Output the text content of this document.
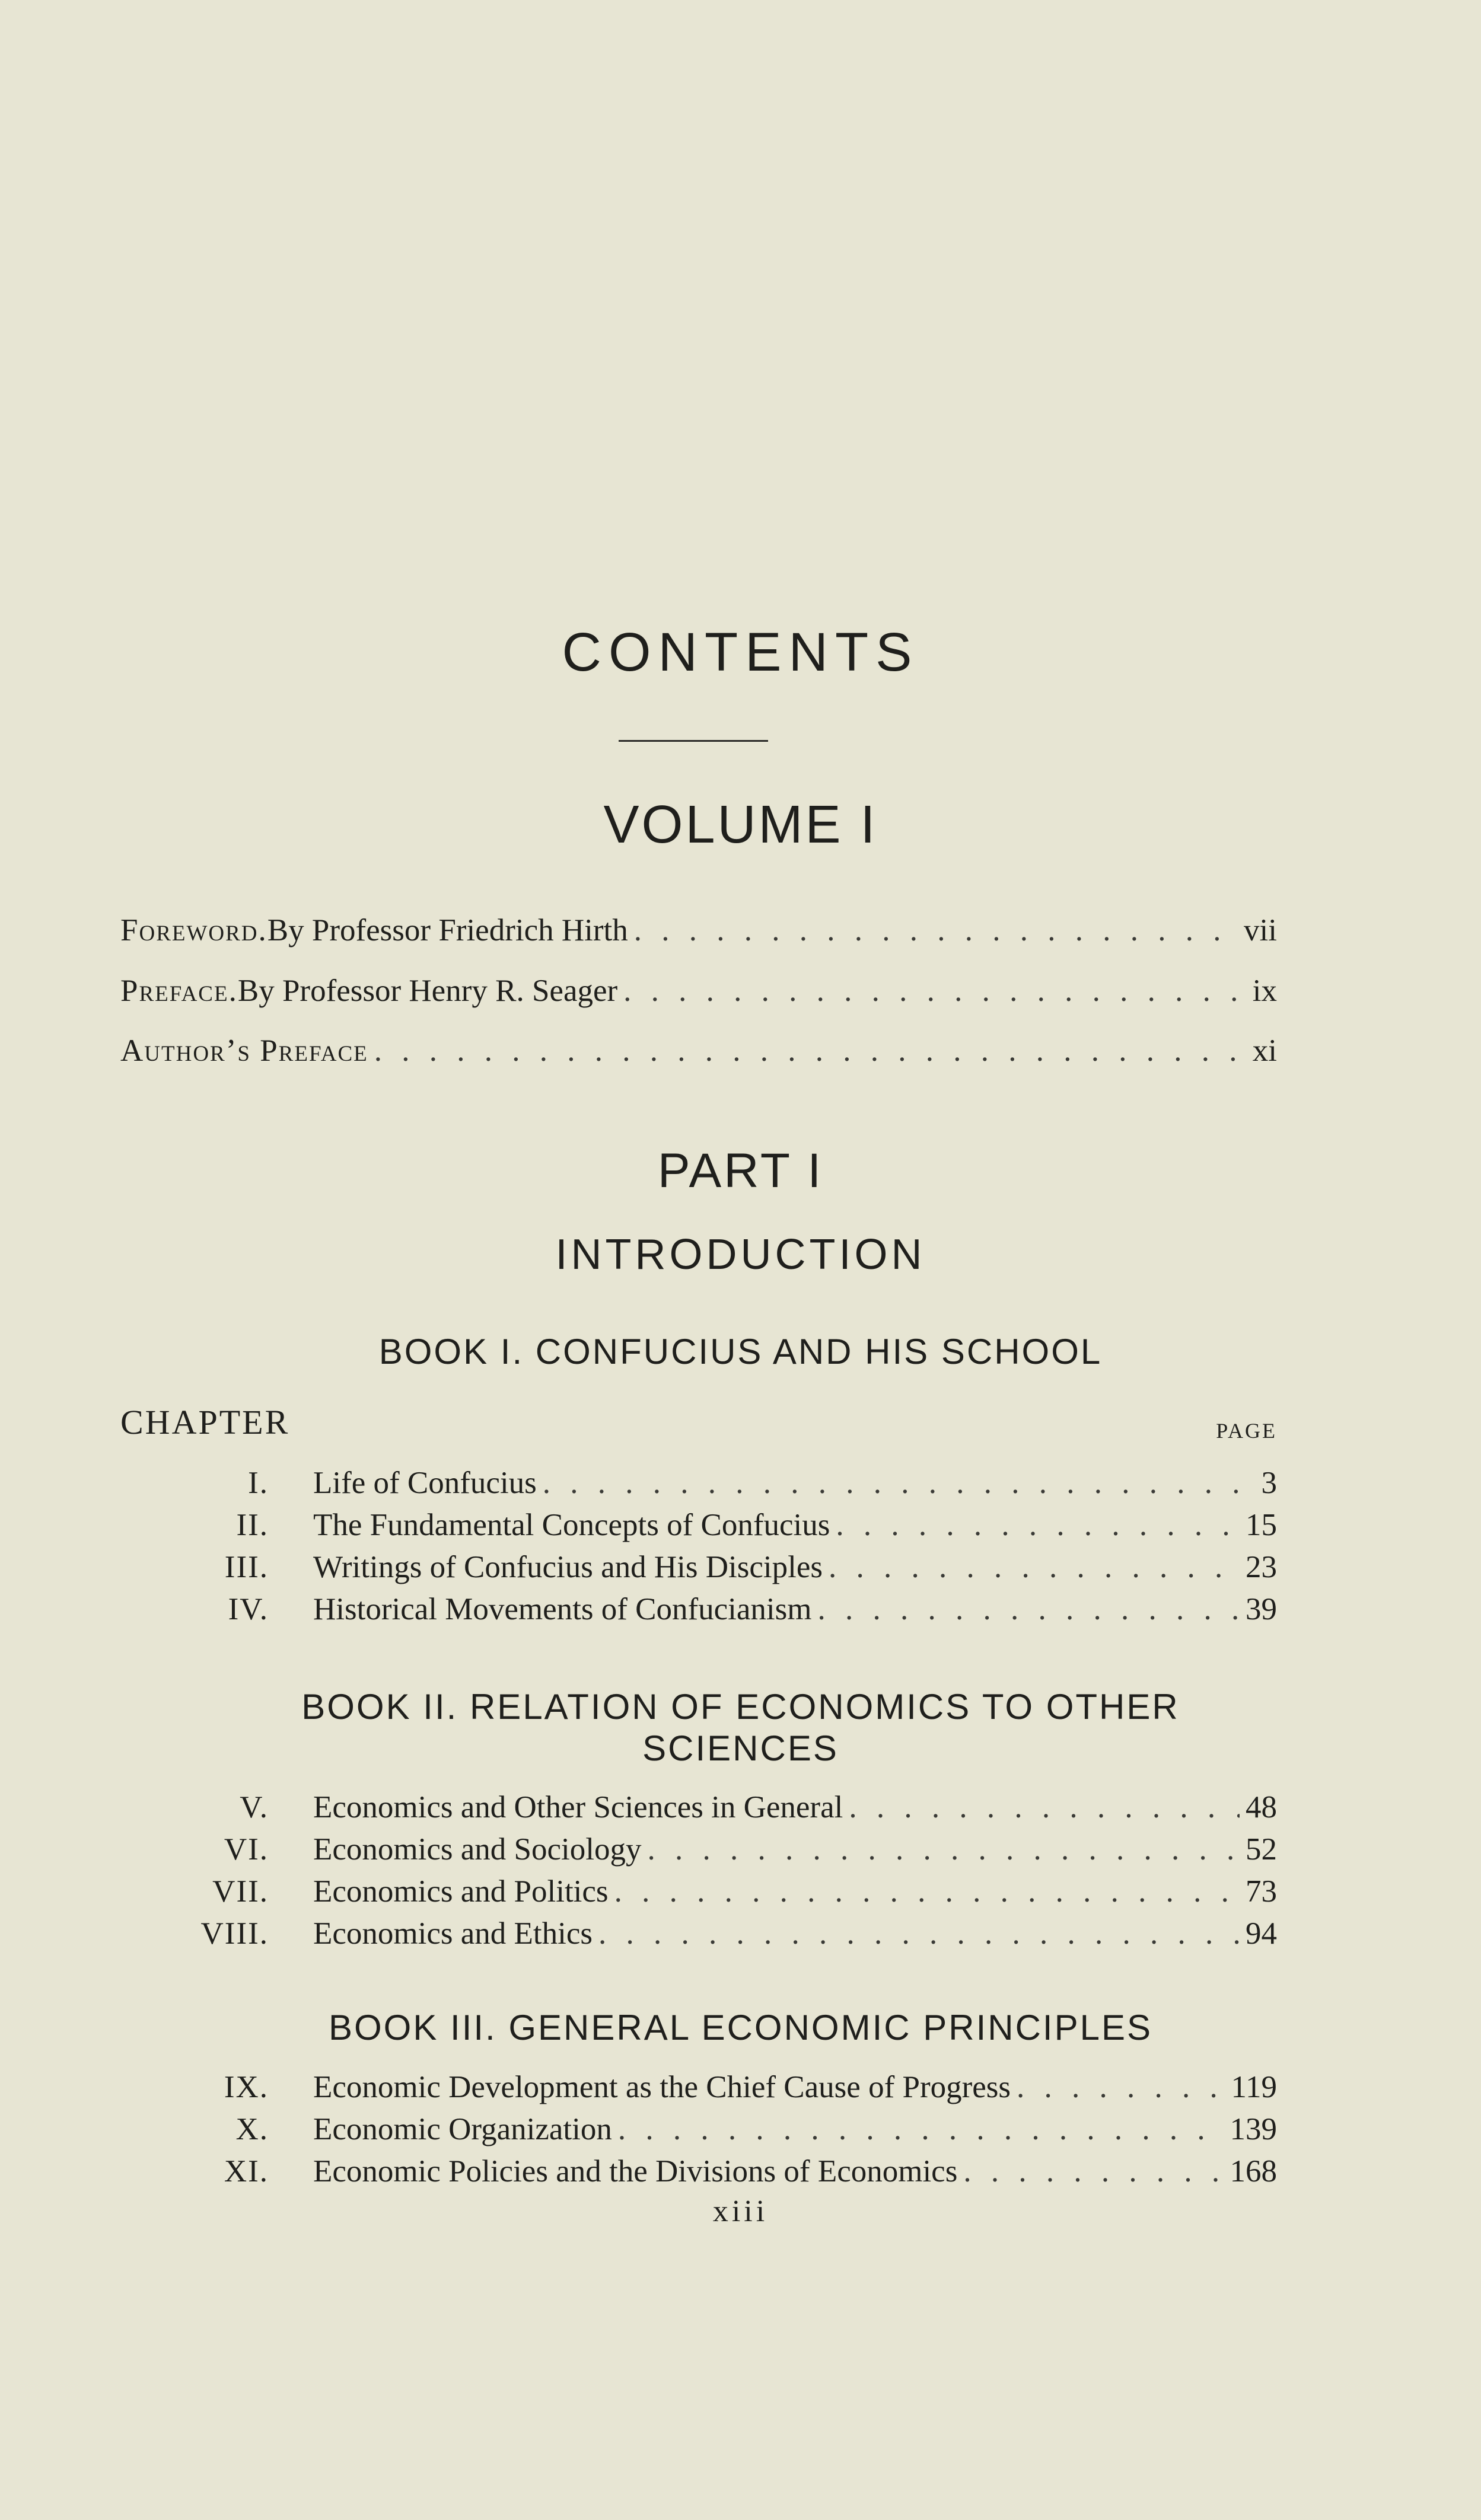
CONTENTS
VOLUME I
Foreword. By Professor Friedrich Hirth . . .	vii
Preface. By Professor Henry R. Seager . . .	ix
Author’s Preface . . .	xi
PART I
INTRODUCTION
BOOK I. CONFUCIUS AND HIS SCHOOL
CHAPTER	PAGE
I. Life of Confucius . . .	3
II. The Fundamental Concepts of Confucius . . .	15
III. Writings of Confucius and His Disciples . . .	23
IV. Historical Movements of Confucianism . . .	39
BOOK II. RELATION OF ECONOMICS TO OTHER
SCIENCES
V. Economics and Other Sciences in General . . .	48
VI. Economics and Sociology . . .	52
VII. Economics and Politics . . .	73
VIII. Economics and Ethics . . .	94
BOOK III. GENERAL ECONOMIC PRINCIPLES
IX. Economic Development as the Chief Cause of Progress . . .	119
X. Economic Organization . . .	139
XI. Economic Policies and the Divisions of Economics . . .	168
xiii
